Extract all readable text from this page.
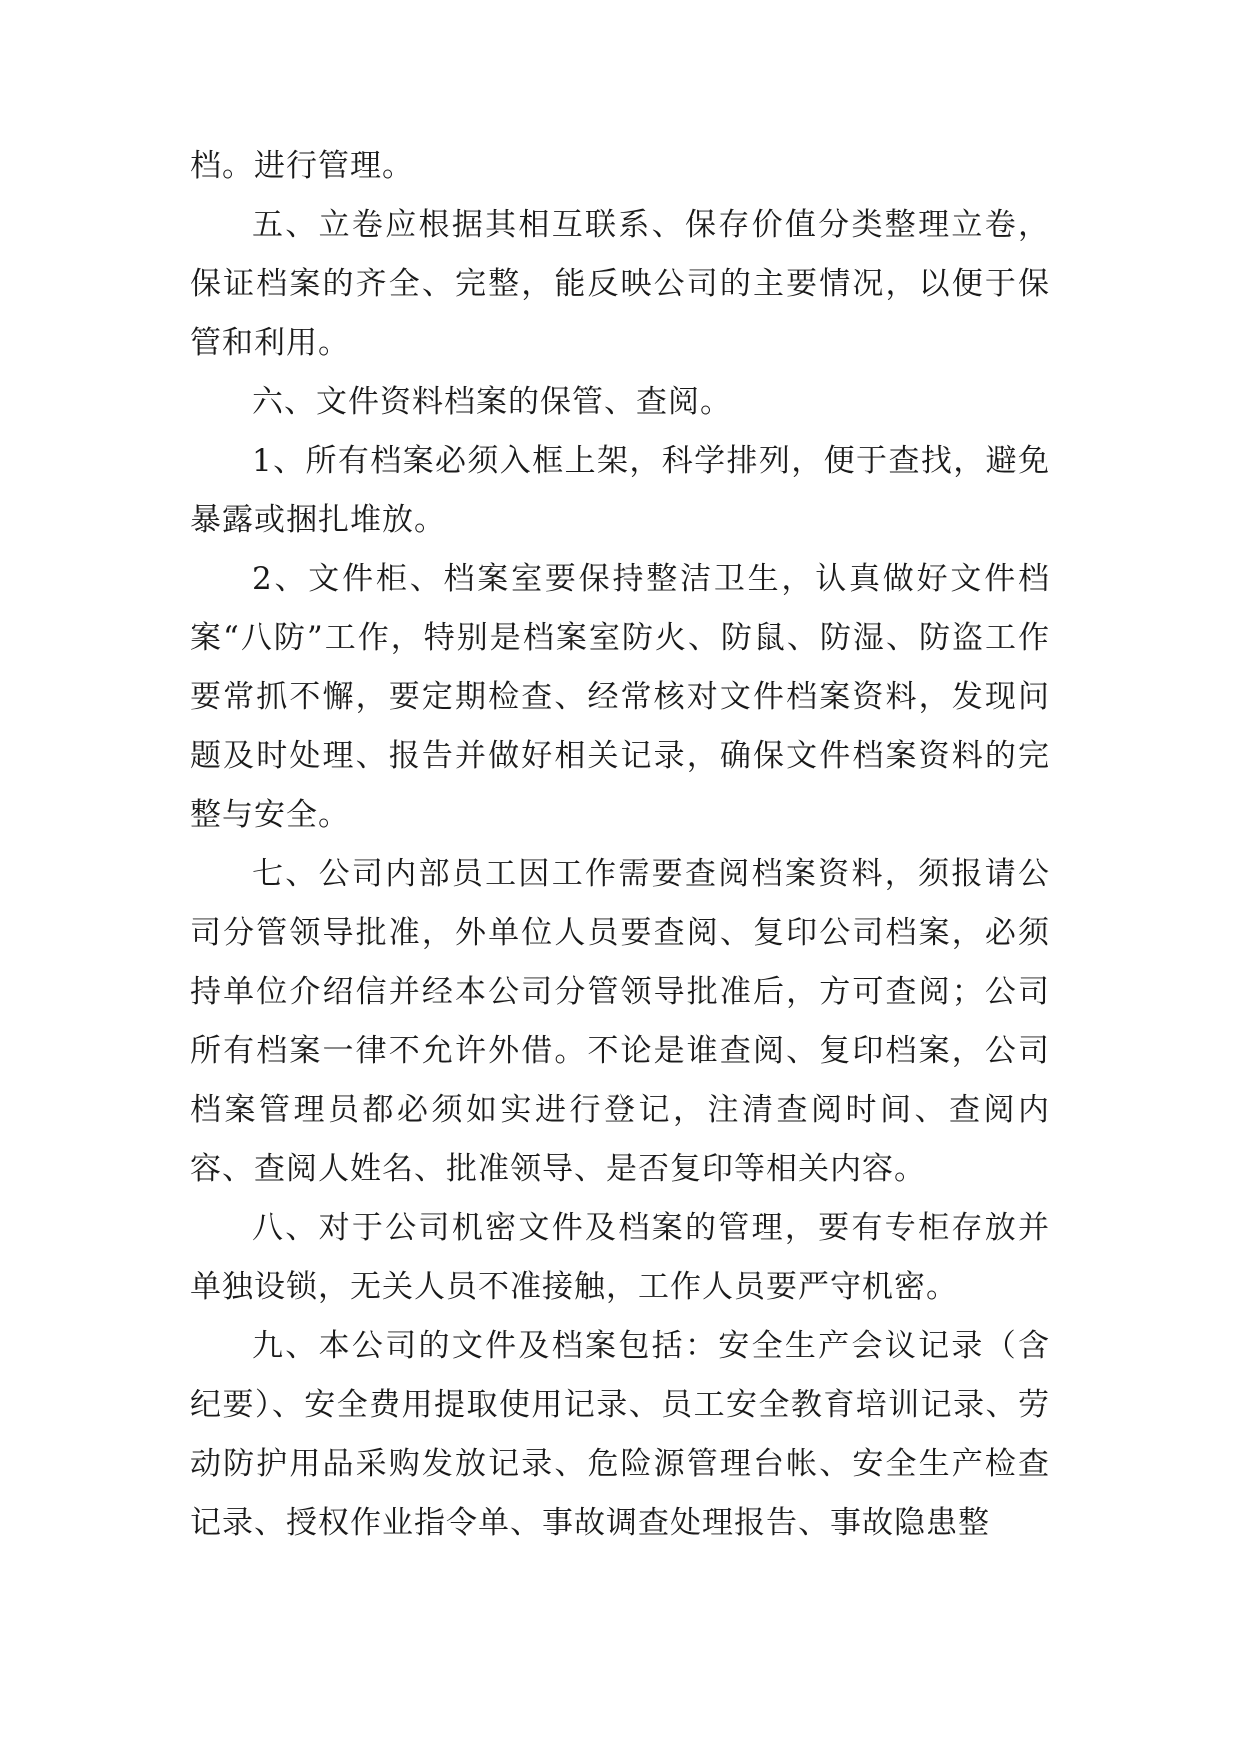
档。进行管理。

五、立卷应根据其相互联系、保存价值分类整理立卷，保证档案的齐全、完整，能反映公司的主要情况，以便于保管和利用。

六、文件资料档案的保管、查阅。

1、所有档案必须入框上架，科学排列，便于查找，避免暴露或捆扎堆放。

2、文件柜、档案室要保持整洁卫生，认真做好文件档案“八防”工作，特别是档案室防火、防鼠、防湿、防盗工作要常抓不懈，要定期检查、经常核对文件档案资料，发现问题及时处理、报告并做好相关记录，确保文件档案资料的完整与安全。

七、公司内部员工因工作需要查阅档案资料，须报请公司分管领导批准，外单位人员要查阅、复印公司档案，必须持单位介绍信并经本公司分管领导批准后，方可查阅；公司所有档案一律不允许外借。不论是谁查阅、复印档案，公司档案管理员都必须如实进行登记，注清查阅时间、查阅内容、查阅人姓名、批准领导、是否复印等相关内容。

八、对于公司机密文件及档案的管理，要有专柜存放并单独设锁，无关人员不准接触，工作人员要严守机密。

九、本公司的文件及档案包括：安全生产会议记录（含纪要）、安全费用提取使用记录、员工安全教育培训记录、劳动防护用品采购发放记录、危险源管理台帐、安全生产检查记录、授权作业指令单、事故调查处理报告、事故隐患整
